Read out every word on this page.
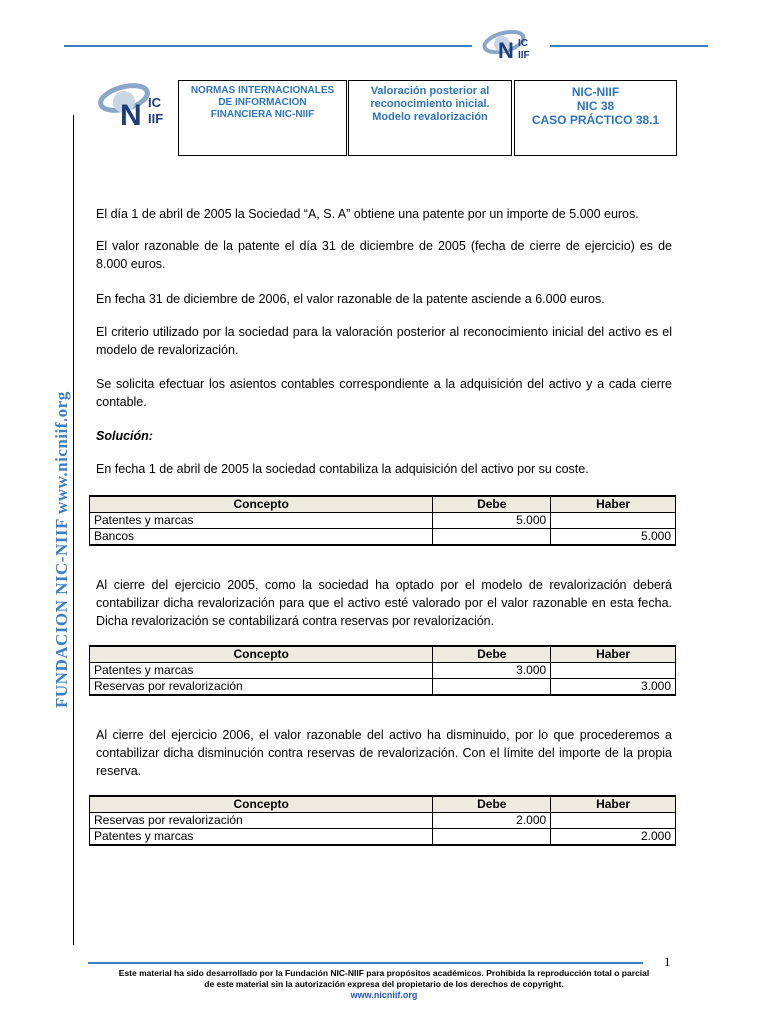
N IC
IIF
N IC
IIF
NORMAS INTERNACIONALES
DE INFORMACION
FINANCIERA NIC-NIIF
Valoración posterior al
reconocimiento inicial.
Modelo revalorización
NIC-NIIF
NIC 38
CASO PRÁCTICO 38.1
FUNDACION NIC-NIIF www.nicniif.org
El día 1 de abril de 2005 la Sociedad “A, S. A” obtiene una patente por un importe de 5.000 euros.
El valor razonable de la patente el día 31 de diciembre de 2005 (fecha de cierre de ejercicio) es de 8.000 euros.
En fecha 31 de diciembre de 2006, el valor razonable de la patente asciende a 6.000 euros.
El criterio utilizado por la sociedad para la valoración posterior al reconocimiento inicial del activo es el modelo de revalorización.
Se solicita efectuar los asientos contables correspondiente a la adquisición del activo y a cada cierre contable.
Solución:
En fecha 1 de abril de 2005 la sociedad contabiliza la adquisición del activo por su coste.
Concepto	Debe	Haber
Patentes y marcas	5.000	
Bancos		5.000
Al cierre del ejercicio 2005, como la sociedad ha optado por el modelo de revalorización deberá contabilizar dicha revalorización para que el activo esté valorado por el valor razonable en esta fecha. Dicha revalorización se contabilizará contra reservas por revalorización.
Concepto	Debe	Haber
Patentes y marcas	3.000	
Reservas por revalorización		3.000
Al cierre del ejercicio 2006, el valor razonable del activo ha disminuido, por lo que procederemos a contabilizar dicha disminución contra reservas de revalorización. Con el límite del importe de la propia reserva.
Concepto	Debe	Haber
Reservas por revalorización	2.000	
Patentes y marcas		2.000
1
Este material ha sido desarrollado por la Fundación NIC-NIIF para propósitos académicos. Prohibida la reproducción total o parcial
de este material sin la autorización expresa del propietario de los derechos de copyright.
www.nicniif.org
